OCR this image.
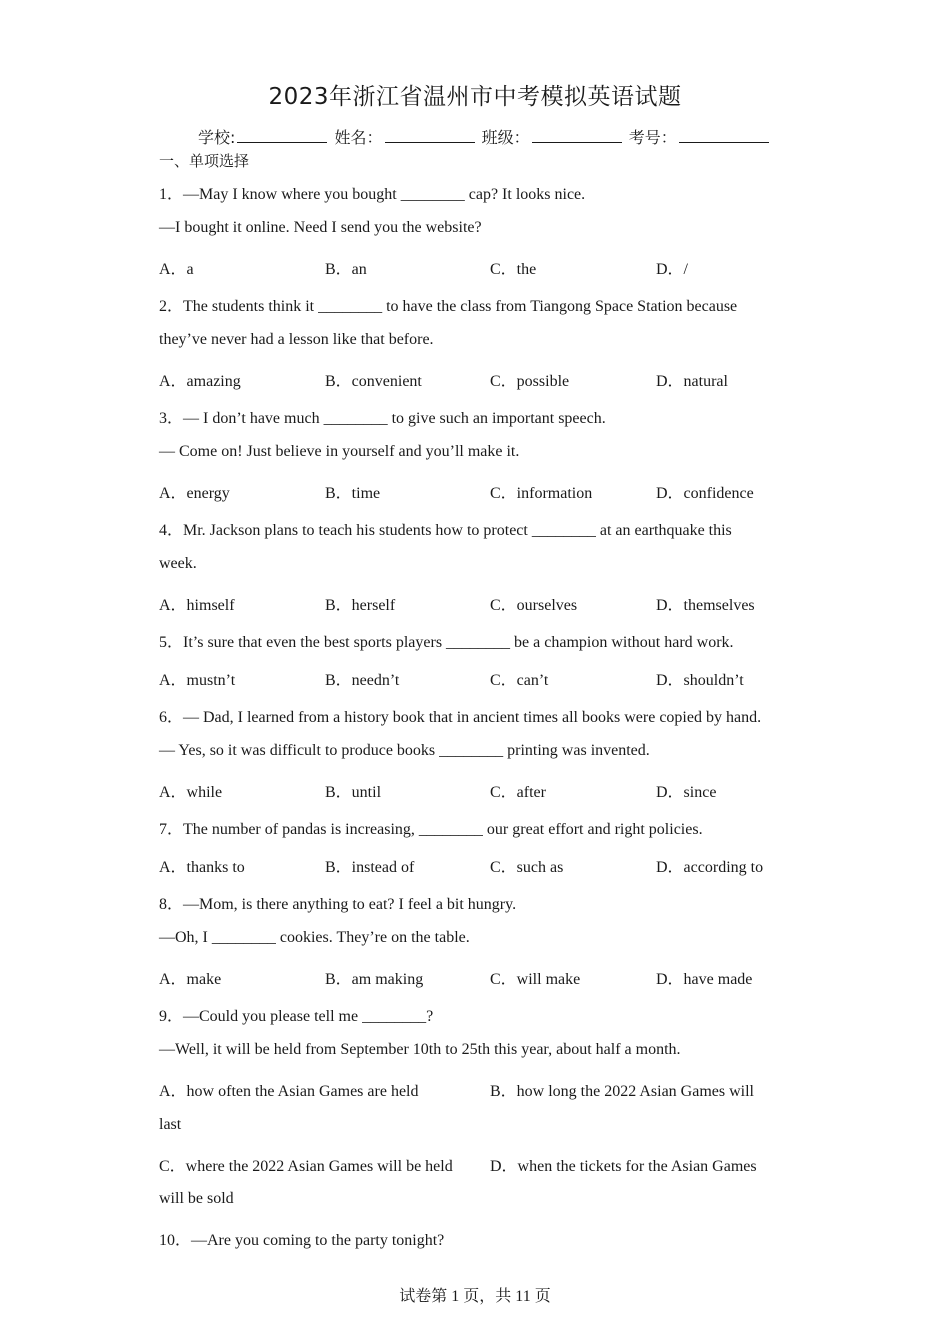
2023年浙江省温州市中考模拟英语试题
学校:	姓名：	班级：	考号：
一、单项选择
1．—May I know where you bought ________ cap? It looks nice.
—I bought it online. Need I send you the website?
A．a	B．an	C．the	D．/
2．The students think it ________ to have the class from Tiangong Space Station because
they’ve never had a lesson like that before.
A．amazing	B．convenient	C．possible	D．natural
3．— I don’t have much ________ to give such an important speech.
— Come on! Just believe in yourself and you’ll make it.
A．energy	B．time	C．information	D．confidence
4．Mr. Jackson plans to teach his students how to protect ________ at an earthquake this
week.
A．himself	B．herself	C．ourselves	D．themselves
5．It’s sure that even the best sports players ________ be a champion without hard work.
A．mustn’t	B．needn’t	C．can’t	D．shouldn’t
6．— Dad, I learned from a history book that in ancient times all books were copied by hand.
— Yes, so it was difficult to produce books ________ printing was invented.
A．while	B．until	C．after	D．since
7．The number of pandas is increasing, ________ our great effort and right policies.
A．thanks to	B．instead of	C．such as	D．according to
8．—Mom, is there anything to eat? I feel a bit hungry.
—Oh, I ________ cookies. They’re on the table.
A．make	B．am making	C．will make	D．have made
9．—Could you please tell me ________?
—Well, it will be held from September 10th to 25th this year, about half a month.
A．how often the Asian Games are held	B．how long the 2022 Asian Games will
last
C．where the 2022 Asian Games will be held D．when the tickets for the Asian Games
will be sold
10．—Are you coming to the party tonight?
试卷第 1 页，共 11 页
